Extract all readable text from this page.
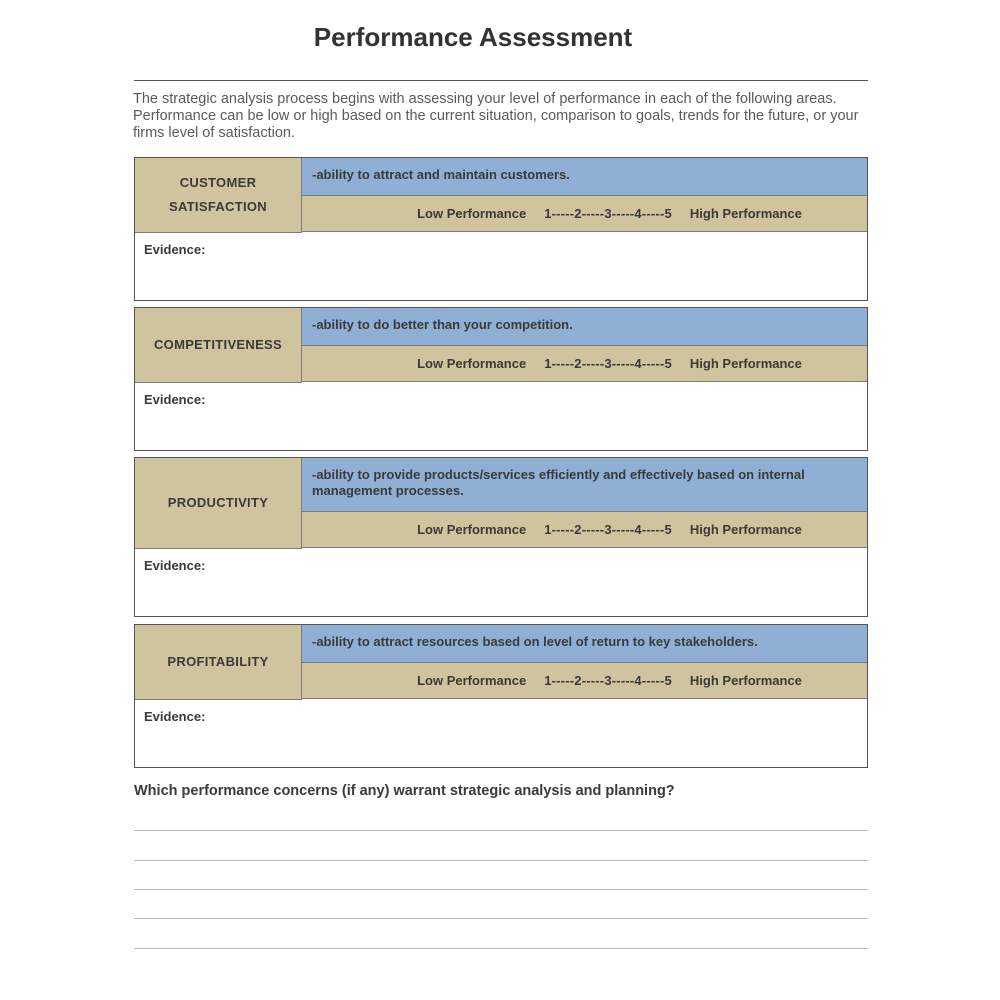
Performance Assessment
The strategic analysis process begins with assessing your level of performance in each of the following areas. Performance can be low or high based on the current situation, comparison to goals, trends for the future, or your firms level of satisfaction.
CUSTOMER
SATISFACTION
-ability to attract and maintain customers.
Low Performance 1-----2-----3-----4-----5 High Performance
Evidence:
COMPETITIVENESS
-ability to do better than your competition.
Low Performance 1-----2-----3-----4-----5 High Performance
Evidence:
PRODUCTIVITY
-ability to provide products/services efficiently and effectively based on internal management processes.
Low Performance 1-----2-----3-----4-----5 High Performance
Evidence:
PROFITABILITY
-ability to attract resources based on level of return to key stakeholders.
Low Performance 1-----2-----3-----4-----5 High Performance
Evidence:
Which performance concerns (if any) warrant strategic analysis and planning?
